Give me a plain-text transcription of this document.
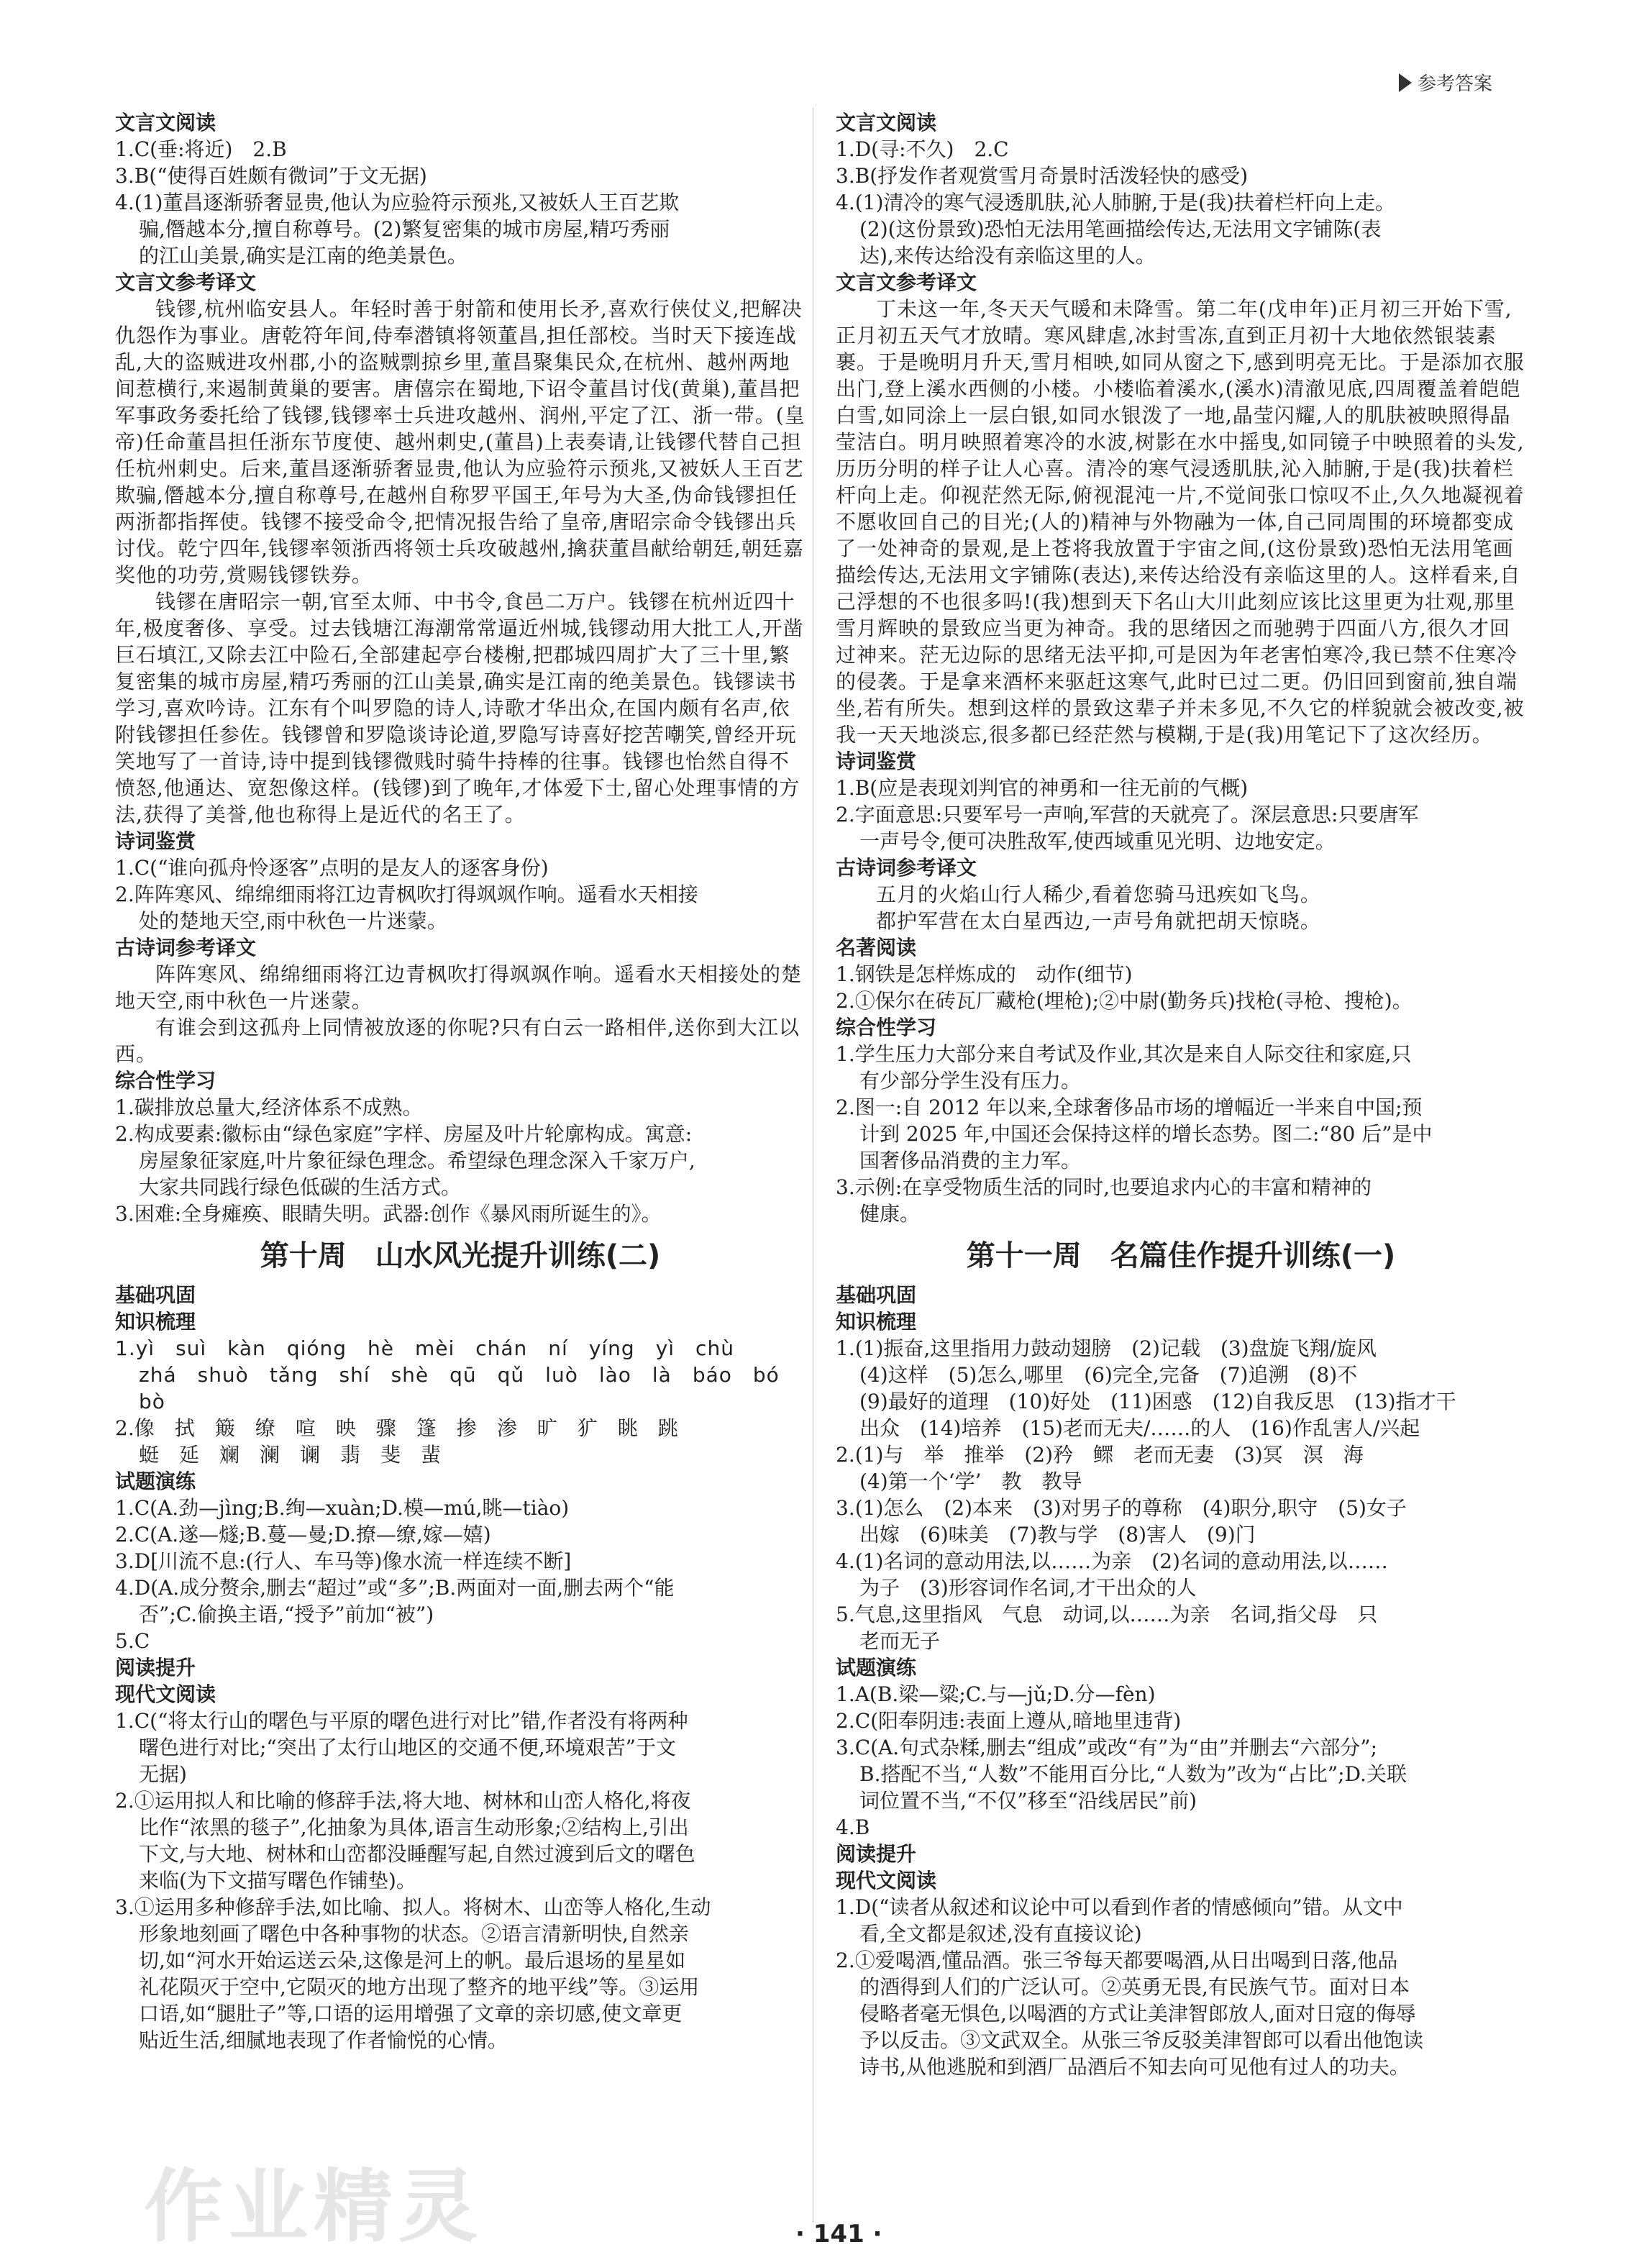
参考答案
文言文阅读
1.C(垂:将近)　2.B
3.B(“使得百姓颇有微词”于文无据)
4.(1)董昌逐渐骄奢显贵,他认为应验符示预兆,又被妖人王百艺欺
骗,僭越本分,擅自称尊号。(2)繁复密集的城市房屋,精巧秀丽
的江山美景,确实是江南的绝美景色。
文言文参考译文
钱镠,杭州临安县人。年轻时善于射箭和使用长矛,喜欢行侠仗义,把解决仇怨作为事业。唐乾符年间,侍奉潜镇将领董昌,担任部校。当时天下接连战乱,大的盗贼进攻州郡,小的盗贼剽掠乡里,董昌聚集民众,在杭州、越州两地间惹横行,来遏制黄巢的要害。唐僖宗在蜀地,下诏令董昌讨伐(黄巢),董昌把军事政务委托给了钱镠,钱镠率士兵进攻越州、润州,平定了江、浙一带。(皇帝)任命董昌担任浙东节度使、越州刺史,(董昌)上表奏请,让钱镠代替自己担任杭州刺史。后来,董昌逐渐骄奢显贵,他认为应验符示预兆,又被妖人王百艺欺骗,僭越本分,擅自称尊号,在越州自称罗平国王,年号为大圣,伪命钱镠担任两浙都指挥使。钱镠不接受命令,把情况报告给了皇帝,唐昭宗命令钱镠出兵讨伐。乾宁四年,钱镠率领浙西将领士兵攻破越州,擒获董昌献给朝廷,朝廷嘉奖他的功劳,赏赐钱镠铁券。
钱镠在唐昭宗一朝,官至太师、中书令,食邑二万户。钱镠在杭州近四十年,极度奢侈、享受。过去钱塘江海潮常常逼近州城,钱镠动用大批工人,开凿巨石填江,又除去江中险石,全部建起亭台楼榭,把郡城四周扩大了三十里,繁复密集的城市房屋,精巧秀丽的江山美景,确实是江南的绝美景色。钱镠读书学习,喜欢吟诗。江东有个叫罗隐的诗人,诗歌才华出众,在国内颇有名声,依附钱镠担任参佐。钱镠曾和罗隐谈诗论道,罗隐写诗喜好挖苦嘲笑,曾经开玩笑地写了一首诗,诗中提到钱镠微贱时骑牛持棒的往事。钱镠也怡然自得不愤怒,他通达、宽恕像这样。(钱镠)到了晚年,才体爱下士,留心处理事情的方法,获得了美誉,他也称得上是近代的名王了。
诗词鉴赏
1.C(“谁向孤舟怜逐客”点明的是友人的逐客身份)
2.阵阵寒风、绵绵细雨将江边青枫吹打得飒飒作响。遥看水天相接
处的楚地天空,雨中秋色一片迷蒙。
古诗词参考译文
阵阵寒风、绵绵细雨将江边青枫吹打得飒飒作响。遥看水天相接处的楚地天空,雨中秋色一片迷蒙。
有谁会到这孤舟上同情被放逐的你呢?只有白云一路相伴,送你到大江以西。
综合性学习
1.碳排放总量大,经济体系不成熟。
2.构成要素:徽标由“绿色家庭”字样、房屋及叶片轮廓构成。寓意:
房屋象征家庭,叶片象征绿色理念。希望绿色理念深入千家万户,
大家共同践行绿色低碳的生活方式。
3.困难:全身瘫痪、眼睛失明。武器:创作《暴风雨所诞生的》。
第十周　山水风光提升训练(二)
基础巩固
知识梳理
1.yì　suì　kàn　qióng　hè　mèi　chán　ní　yíng　yì　chù
zhá　shuò　tǎng　shí　shè　qū　qǔ　luò　lào　là　báo　bó
bò
2.像　拭　簸　缭　喧　映　骤　篷　掺　渗　旷　犷　眺　跳
蜓　延　斓　澜　谰　翡　斐　蜚
试题演练
1.C(A.劲—jìng;B.绚—xuàn;D.模—mú,眺—tiào)
2.C(A.遂—燧;B.蔓—曼;D.撩—缭,嫁—嬉)
3.D[川流不息:(行人、车马等)像水流一样连续不断]
4.D(A.成分赘余,删去“超过”或“多”;B.两面对一面,删去两个“能
否”;C.偷换主语,“授予”前加“被”)
5.C
阅读提升
现代文阅读
1.C(“将太行山的曙色与平原的曙色进行对比”错,作者没有将两种
曙色进行对比;“突出了太行山地区的交通不便,环境艰苦”于文
无据)
2.①运用拟人和比喻的修辞手法,将大地、树林和山峦人格化,将夜
比作“浓黑的毯子”,化抽象为具体,语言生动形象;②结构上,引出
下文,与大地、树林和山峦都没睡醒写起,自然过渡到后文的曙色
来临(为下文描写曙色作铺垫)。
3.①运用多种修辞手法,如比喻、拟人。将树木、山峦等人格化,生动
形象地刻画了曙色中各种事物的状态。②语言清新明快,自然亲
切,如“河水开始运送云朵,这像是河上的帆。最后退场的星星如
礼花陨灭于空中,它陨灭的地方出现了整齐的地平线”等。③运用
口语,如“腿肚子”等,口语的运用增强了文章的亲切感,使文章更
贴近生活,细腻地表现了作者愉悦的心情。
文言文阅读
1.D(寻:不久)　2.C
3.B(抒发作者观赏雪月奇景时活泼轻快的感受)
4.(1)清冷的寒气浸透肌肤,沁人肺腑,于是(我)扶着栏杆向上走。
(2)(这份景致)恐怕无法用笔画描绘传达,无法用文字铺陈(表
达),来传达给没有亲临这里的人。
文言文参考译文
丁未这一年,冬天天气暖和未降雪。第二年(戊申年)正月初三开始下雪,正月初五天气才放晴。寒风肆虐,冰封雪冻,直到正月初十大地依然银装素裹。于是晚明月升天,雪月相映,如同从窗之下,感到明亮无比。于是添加衣服出门,登上溪水西侧的小楼。小楼临着溪水,(溪水)清澈见底,四周覆盖着皑皑白雪,如同涂上一层白银,如同水银泼了一地,晶莹闪耀,人的肌肤被映照得晶莹洁白。明月映照着寒冷的水波,树影在水中摇曳,如同镜子中映照着的头发,历历分明的样子让人心喜。清冷的寒气浸透肌肤,沁入肺腑,于是(我)扶着栏杆向上走。仰视茫然无际,俯视混沌一片,不觉间张口惊叹不止,久久地凝视着不愿收回自己的目光;(人的)精神与外物融为一体,自己同周围的环境都变成了一处神奇的景观,是上苍将我放置于宇宙之间,(这份景致)恐怕无法用笔画描绘传达,无法用文字铺陈(表达),来传达给没有亲临这里的人。这样看来,自己浮想的不也很多吗!(我)想到天下名山大川此刻应该比这里更为壮观,那里雪月辉映的景致应当更为神奇。我的思绪因之而驰骋于四面八方,很久才回过神来。茫无边际的思绪无法平抑,可是因为年老害怕寒冷,我已禁不住寒冷的侵袭。于是拿来酒杯来驱赶这寒气,此时已过二更。仍旧回到窗前,独自端坐,若有所失。想到这样的景致这辈子并未多见,不久它的样貌就会被改变,被我一天天地淡忘,很多都已经茫然与模糊,于是(我)用笔记下了这次经历。
诗词鉴赏
1.B(应是表现刘判官的神勇和一往无前的气概)
2.字面意思:只要军号一声响,军营的天就亮了。深层意思:只要唐军
一声号令,便可决胜敌军,使西域重见光明、边地安定。
古诗词参考译文
五月的火焰山行人稀少,看着您骑马迅疾如飞鸟。
都护军营在太白星西边,一声号角就把胡天惊晓。
名著阅读
1.钢铁是怎样炼成的　动作(细节)
2.①保尔在砖瓦厂藏枪(埋枪);②中尉(勤务兵)找枪(寻枪、搜枪)。
综合性学习
1.学生压力大部分来自考试及作业,其次是来自人际交往和家庭,只
有少部分学生没有压力。
2.图一:自 2012 年以来,全球奢侈品市场的增幅近一半来自中国;预
计到 2025 年,中国还会保持这样的增长态势。图二:“80 后”是中
国奢侈品消费的主力军。
3.示例:在享受物质生活的同时,也要追求内心的丰富和精神的
健康。
第十一周　名篇佳作提升训练(一)
基础巩固
知识梳理
1.(1)振奋,这里指用力鼓动翅膀　(2)记载　(3)盘旋飞翔/旋风
(4)这样　(5)怎么,哪里　(6)完全,完备　(7)追溯　(8)不
(9)最好的道理　(10)好处　(11)困惑　(12)自我反思　(13)指才干
出众　(14)培养　(15)老而无夫/……的人　(16)作乱害人/兴起
2.(1)与　举　推举　(2)矜　鳏　老而无妻　(3)冥　溟　海
(4)第一个‘学’　教　教导
3.(1)怎么　(2)本来　(3)对男子的尊称　(4)职分,职守　(5)女子
出嫁　(6)味美　(7)教与学　(8)害人　(9)门
4.(1)名词的意动用法,以……为亲　(2)名词的意动用法,以……
为子　(3)形容词作名词,才干出众的人
5.气息,这里指风　气息　动词,以……为亲　名词,指父母　只
老而无子
试题演练
1.A(B.梁—粱;C.与—jǔ;D.分—fèn)
2.C(阳奉阴违:表面上遵从,暗地里违背)
3.C(A.句式杂糅,删去“组成”或改“有”为“由”并删去“六部分”;
B.搭配不当,“人数”不能用百分比,“人数为”改为“占比”;D.关联
词位置不当,“不仅”移至“沿线居民”前)
4.B
阅读提升
现代文阅读
1.D(“读者从叙述和议论中可以看到作者的情感倾向”错。从文中
看,全文都是叙述,没有直接议论)
2.①爱喝酒,懂品酒。张三爷每天都要喝酒,从日出喝到日落,他品
的酒得到人们的广泛认可。②英勇无畏,有民族气节。面对日本
侵略者毫无惧色,以喝酒的方式让美津智郎放人,面对日寇的侮辱
予以反击。③文武双全。从张三爷反驳美津智郎可以看出他饱读
诗书,从他逃脱和到酒厂品酒后不知去向可见他有过人的功夫。
作业精灵	· 141 ·
